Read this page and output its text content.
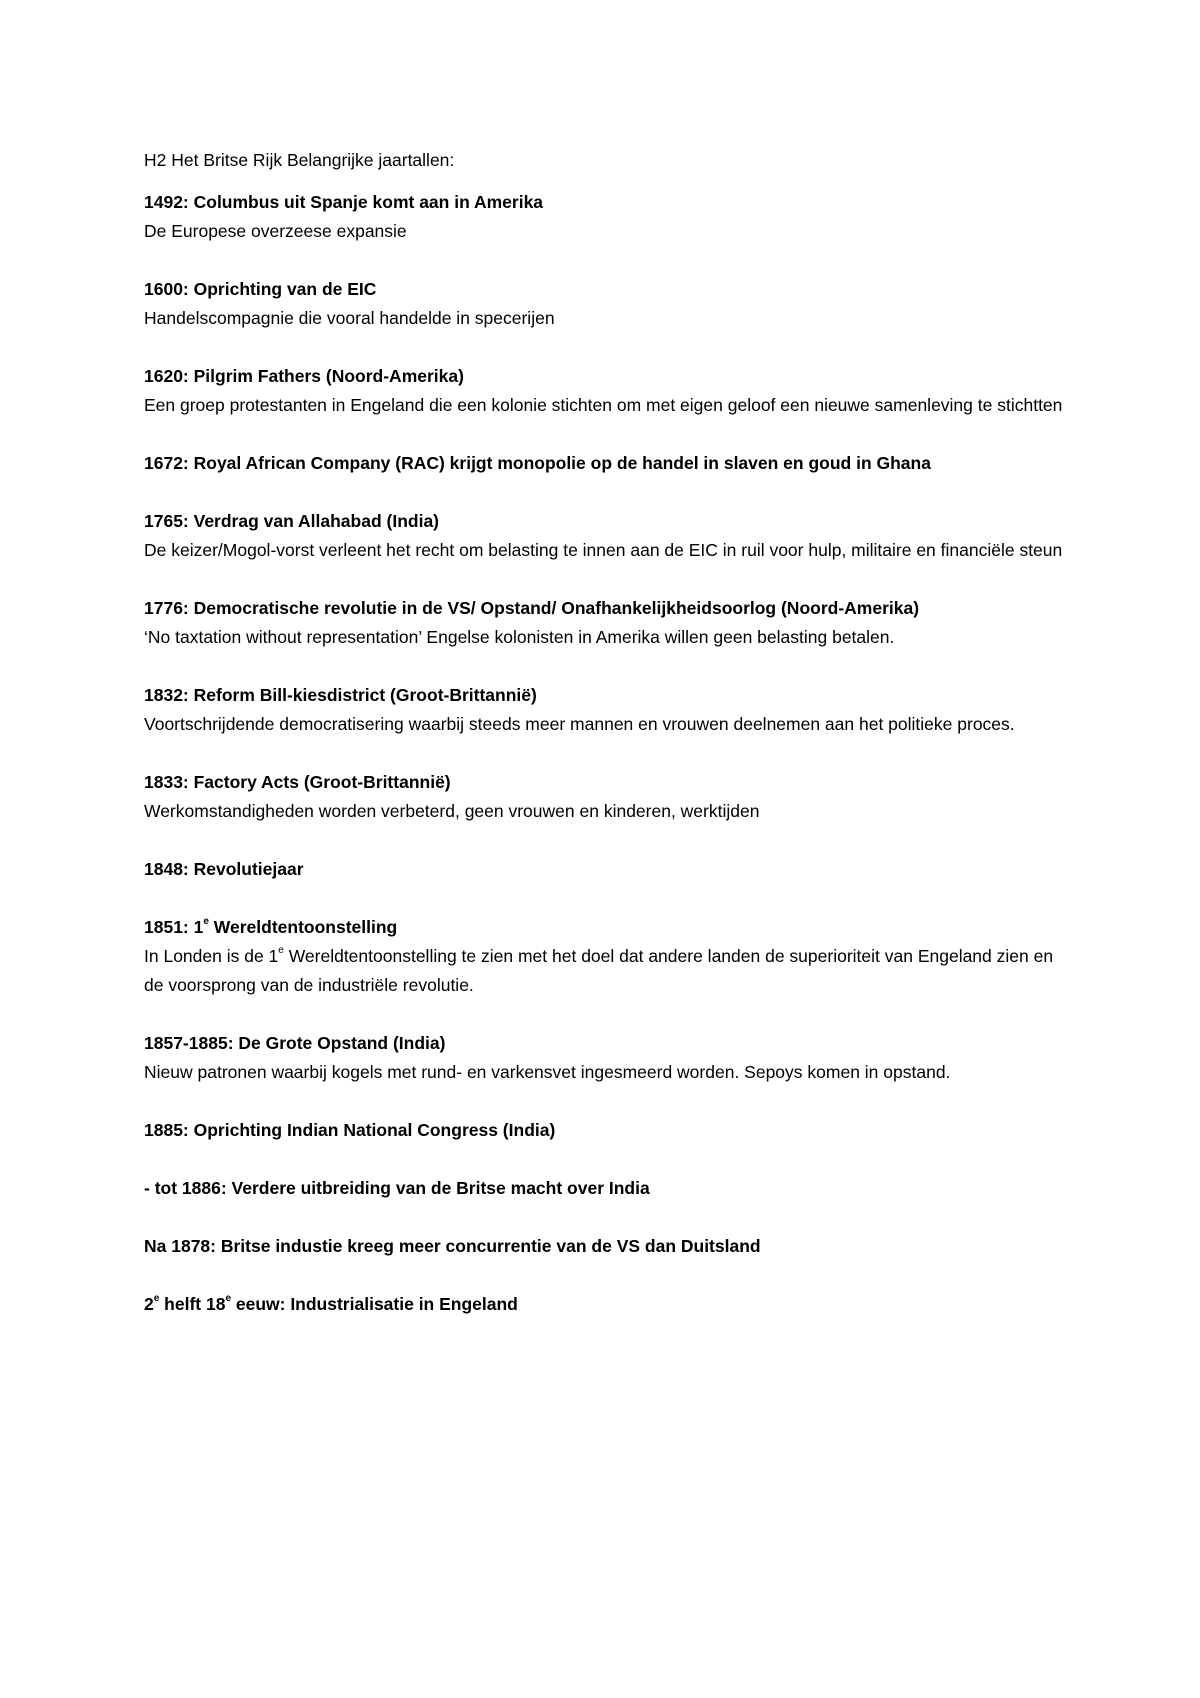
H2 Het Britse Rijk Belangrijke jaartallen:
1492: Columbus uit Spanje komt aan in Amerika
De Europese overzeese expansie
1600: Oprichting van de EIC
Handelscompagnie die vooral handelde in specerijen
1620: Pilgrim Fathers (Noord-Amerika)
Een groep protestanten in Engeland die een kolonie stichten om met eigen geloof een nieuwe samenleving te stichtten
1672: Royal African Company (RAC) krijgt monopolie op de handel in slaven en goud in Ghana
1765: Verdrag van Allahabad (India)
De keizer/Mogol-vorst verleent het recht om belasting te innen aan de EIC in ruil voor hulp, militaire en financiële steun
1776: Democratische revolutie in de VS/ Opstand/ Onafhankelijkheidsoorlog (Noord-Amerika)
‘No taxtation without representation’ Engelse kolonisten in Amerika willen geen belasting betalen.
1832: Reform Bill-kiesdistrict (Groot-Brittannië)
Voortschrijdende democratisering waarbij steeds meer mannen en vrouwen deelnemen aan het politieke proces.
1833: Factory Acts (Groot-Brittannië)
Werkomstandigheden worden verbeterd, geen vrouwen en kinderen, werktijden
1848: Revolutiejaar
1851: 1e Wereldtentoonstelling
In Londen is de 1e Wereldtentoonstelling te zien met het doel dat andere landen de superioriteit van Engeland zien en de voorsprong van de industriële revolutie.
1857-1885: De Grote Opstand (India)
Nieuw patronen waarbij kogels met rund- en varkensvet ingesmeerd worden. Sepoys komen in opstand.
1885: Oprichting Indian National Congress (India)
- tot 1886: Verdere uitbreiding van de Britse macht over India
Na 1878: Britse industie kreeg meer concurrentie van de VS dan Duitsland
2e helft 18e eeuw: Industrialisatie in Engeland
